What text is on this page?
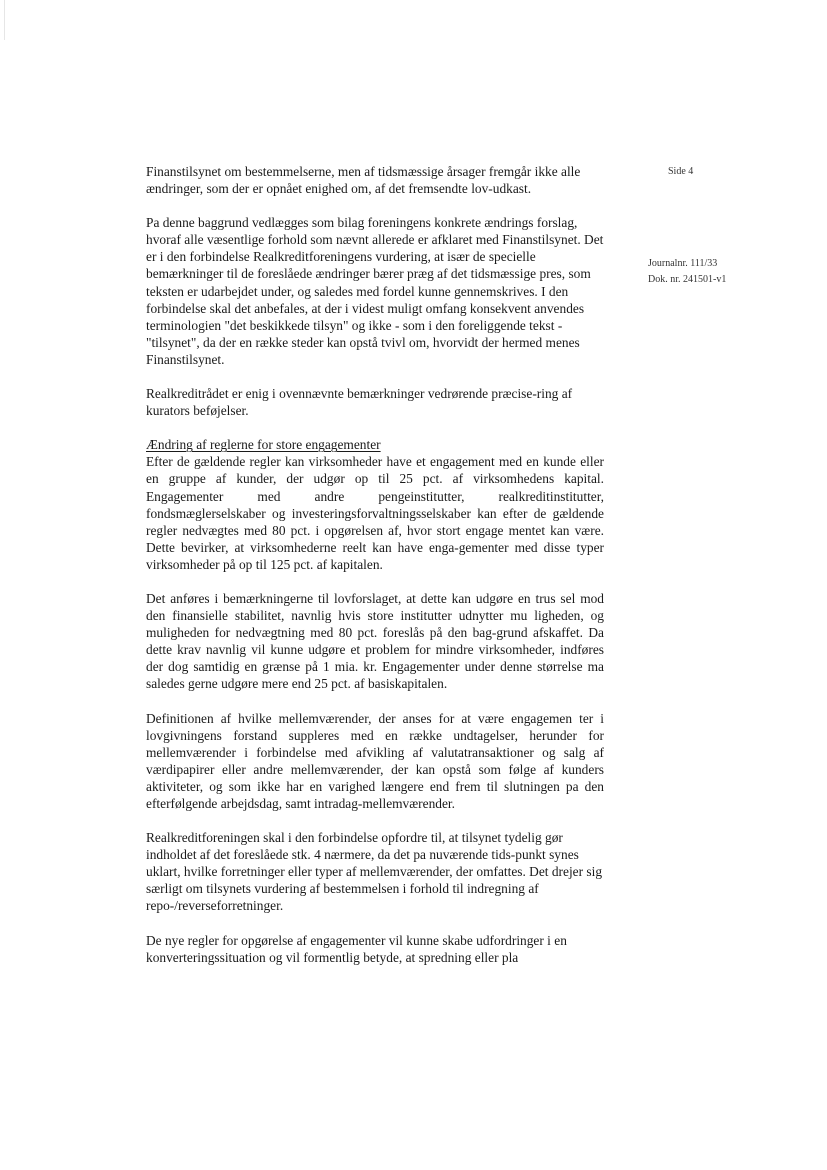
Side 4
Journalnr. 111/33
Dok. nr. 241501-v1

Finanstilsynet om bestemmelserne, men af tidsmæssige årsager fremgår ikke alle ændringer, som der er opnået enighed om, af det fremsendte lov-udkast.

Pa denne baggrund vedlægges som bilag foreningens konkrete ændrings forslag, hvoraf alle væsentlige forhold som nævnt allerede er afklaret med Finanstilsynet. Det er i den forbindelse Realkreditforeningens vurdering, at især de specielle bemærkninger til de foreslåede ændringer bærer præg af det tidsmæssige pres, som teksten er udarbejdet under, og saledes med fordel kunne gennemskrives. I den forbindelse skal det anbefales, at der i videst muligt omfang konsekvent anvendes terminologien "det beskikkede tilsyn" og ikke - som i den foreliggende tekst - "tilsynet", da der en række steder kan opstå tvivl om, hvorvidt der hermed menes Finanstilsynet.

Realkreditrådet er enig i ovennævnte bemærkninger vedrørende præcise-ring af kurators beføjelser.

Ændring af reglerne for store engagementer

Efter de gældende regler kan virksomheder have et engagement med en kunde eller en gruppe af kunder, der udgør op til 25 pct. af virksomhedens kapital. Engagementer med andre pengeinstitutter, realkreditinstitutter, fondsmæglerselskaber og investeringsforvaltningsselskaber kan efter de gældende regler nedvægtes med 80 pct. i opgørelsen af, hvor stort engage mentet kan være. Dette bevirker, at virksomhederne reelt kan have enga-gementer med disse typer virksomheder på op til 125 pct. af kapitalen.

Det anføres i bemærkningerne til lovforslaget, at dette kan udgøre en trus sel mod den finansielle stabilitet, navnlig hvis store institutter udnytter mu ligheden, og muligheden for nedvægtning med 80 pct. foreslås på den bag-grund afskaffet. Da dette krav navnlig vil kunne udgøre et problem for mindre virksomheder, indføres der dog samtidig en grænse på 1 mia. kr. Engagementer under denne størrelse ma saledes gerne udgøre mere end 25 pct. af basiskapitalen.

Definitionen af hvilke mellemværender, der anses for at være engagemen ter i lovgivningens forstand suppleres med en række undtagelser, herunder for mellemværender i forbindelse med afvikling af valutatransaktioner og salg af værdipapirer eller andre mellemværender, der kan opstå som følge af kunders aktiviteter, og som ikke har en varighed længere end frem til slutningen pa den efterfølgende arbejdsdag, samt intradag-mellemværender.

Realkreditforeningen skal i den forbindelse opfordre til, at tilsynet tydelig gør indholdet af det foreslåede stk. 4 nærmere, da det pa nuværende tids-punkt synes uklart, hvilke forretninger eller typer af mellemværender, der omfattes. Det drejer sig særligt om tilsynets vurdering af bestemmelsen i forhold til indregning af repo-/reverseforretninger.

De nye regler for opgørelse af engagementer vil kunne skabe udfordringer i en konverteringssituation og vil formentlig betyde, at spredning eller pla
